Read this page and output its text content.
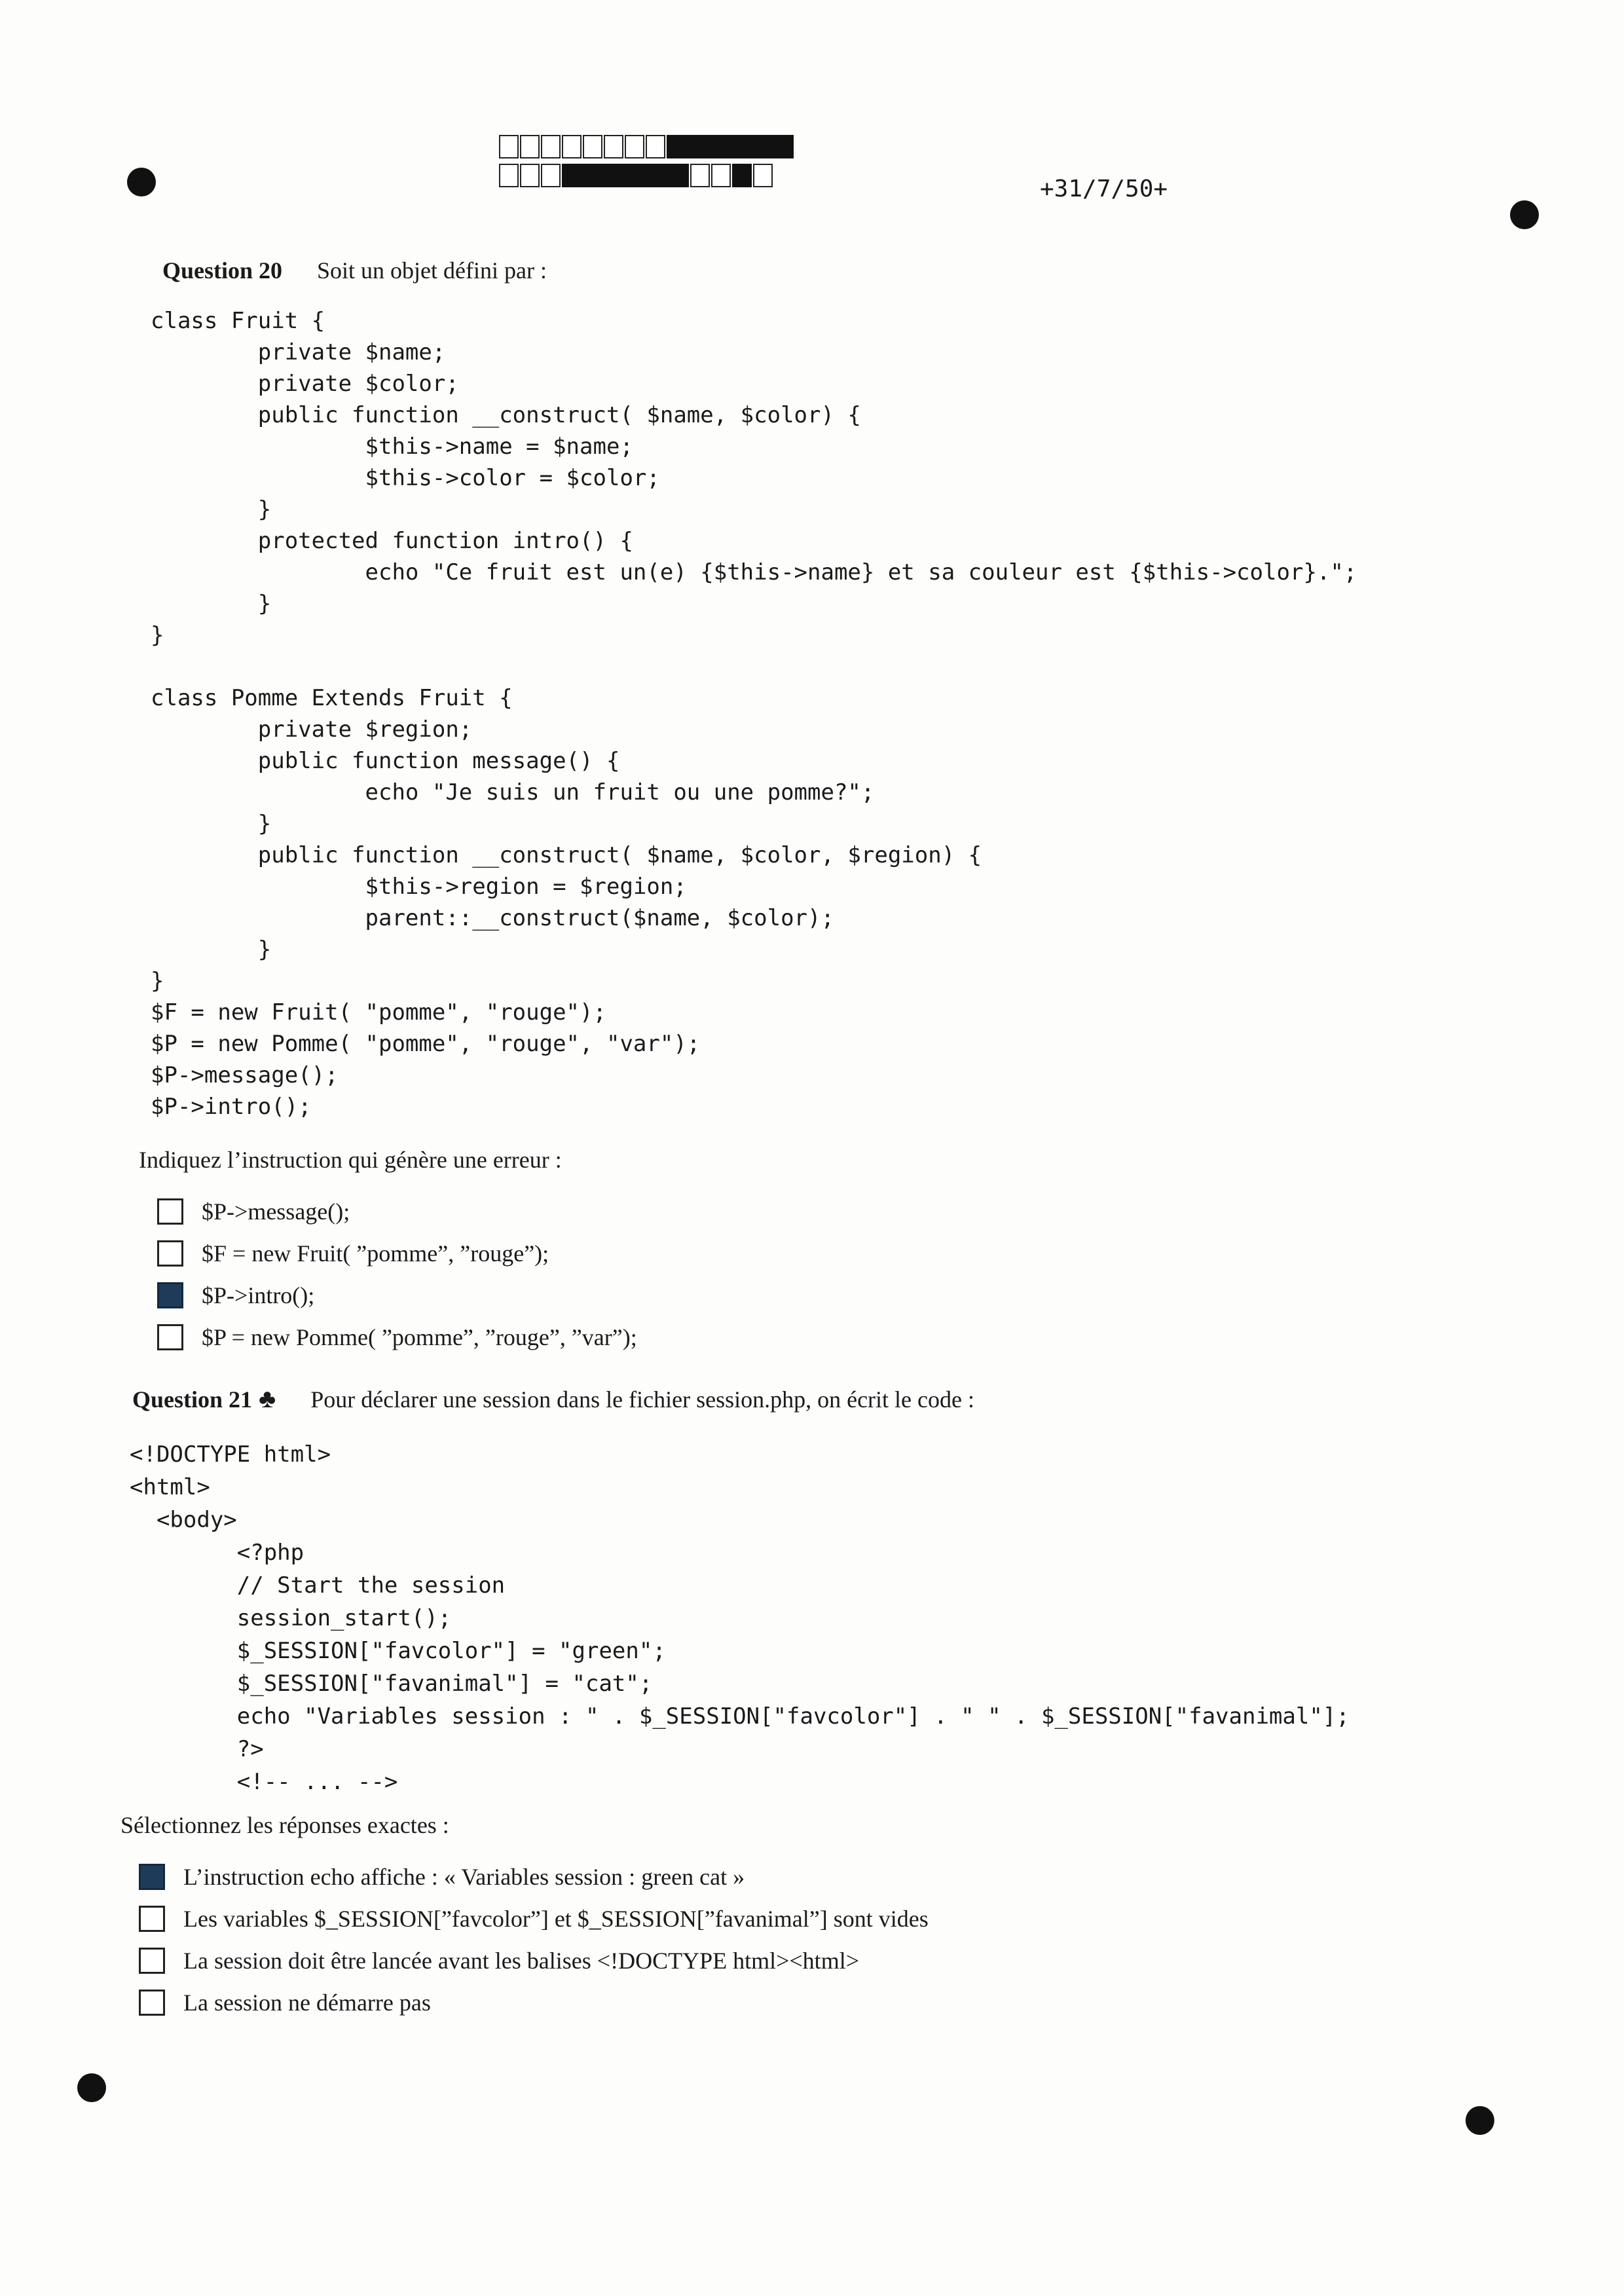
+31/7/50+
Question 20 Soit un objet défini par :
class Fruit {
private $name;
private $color;
public function __construct( $name, $color) {
$this->name = $name;
$this->color = $color;
}
protected function intro() {
echo "Ce fruit est un(e) {$this->name} et sa couleur est {$this->color}.";
}
}

class Pomme Extends Fruit {
private $region;
public function message() {
echo "Je suis un fruit ou une pomme?";
}
public function __construct( $name, $color, $region) {
$this->region = $region;
parent::__construct($name, $color);
}
}
$F = new Fruit( "pomme", "rouge");
$P = new Pomme( "pomme", "rouge", "var");
$P->message();
$P->intro();
Indiquez l’instruction qui génère une erreur :
$P->message();
$F = new Fruit( ”pomme”, ”rouge”);
$P->intro();
$P = new Pomme( ”pomme”, ”rouge”, ”var”);
Question 21 ♣ Pour déclarer une session dans le fichier session.php, on écrit le code :
<!DOCTYPE html>
<html>
<body>
<?php
// Start the session
session_start();
$_SESSION["favcolor"] = "green";
$_SESSION["favanimal"] = "cat";
echo "Variables session : " . $_SESSION["favcolor"] . " " . $_SESSION["favanimal"];
?>
<!-- ... -->
Sélectionnez les réponses exactes :
L’instruction echo affiche : « Variables session : green cat »
Les variables $_SESSION[”favcolor”] et $_SESSION[”favanimal”] sont vides
La session doit être lancée avant les balises <!DOCTYPE html><html>
La session ne démarre pas
